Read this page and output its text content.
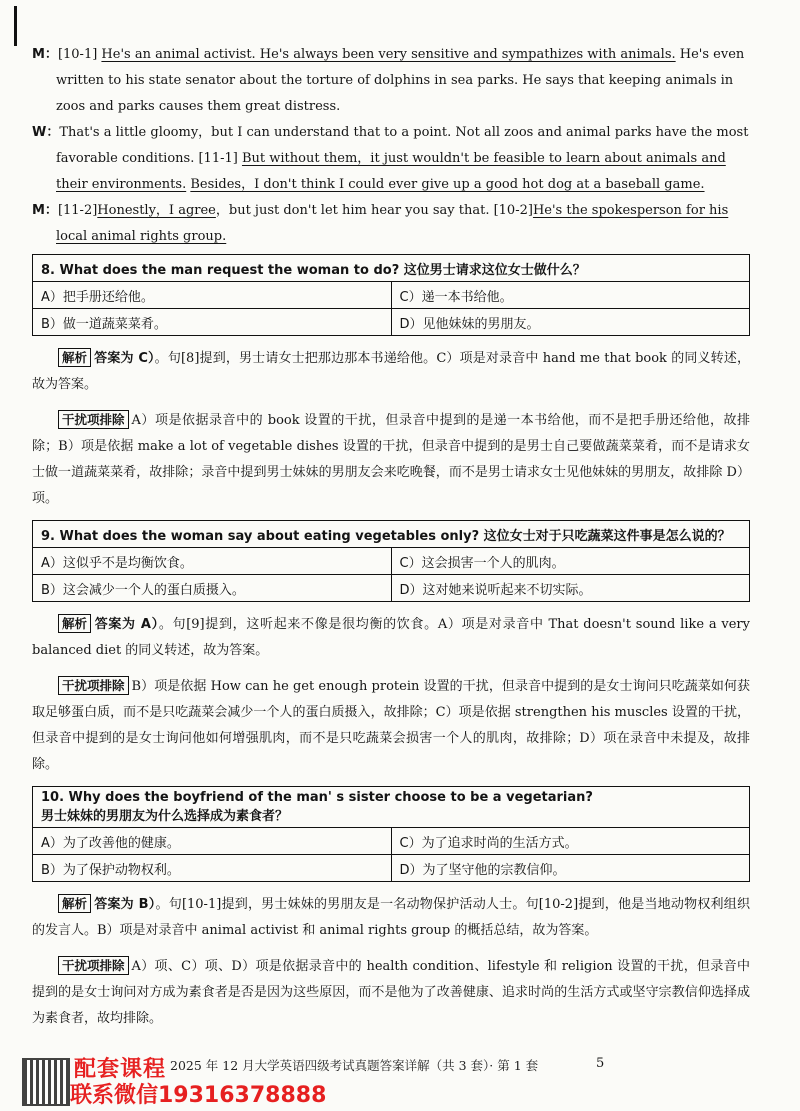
M：[10-1] He's an animal activist. He's always been very sensitive and sympathizes with animals. He's even written to his state senator about the torture of dolphins in sea parks. He says that keeping animals in zoos and parks causes them great distress.

W：That's a little gloomy，but I can understand that to a point. Not all zoos and animal parks have the most favorable conditions. [11-1] But without them，it just wouldn't be feasible to learn about animals and their environments. Besides，I don't think I could ever give up a good hot dog at a baseball game.

M：[11-2]Honestly，I agree，but just don't let him hear you say that. [10-2]He's the spokesperson for his local animal rights group.

8. What does the man request the woman to do? 这位男士请求这位女士做什么？	

A）把手册还给他。	C）递一本书给他。
B）做一道蔬菜菜肴。	D）见他妹妹的男朋友。

解析 答案为 C）。句[8]提到，男士请女士把那边那本书递给他。C）项是对录音中 hand me that book 的同义转述，故为答案。

干扰项排除 A）项是依据录音中的 book 设置的干扰，但录音中提到的是递一本书给他，而不是把手册还给他，故排除；B）项是依据 make a lot of vegetable dishes 设置的干扰，但录音中提到的是男士自己要做蔬菜菜肴，而不是请求女士做一道蔬菜菜肴，故排除；录音中提到男士妹妹的男朋友会来吃晚餐，而不是男士请求女士见他妹妹的男朋友，故排除 D）项。

9. What does the woman say about eating vegetables only? 这位女士对于只吃蔬菜这件事是怎么说的？	

A）这似乎不是均衡饮食。	C）这会损害一个人的肌肉。
B）这会减少一个人的蛋白质摄入。	D）这对她来说听起来不切实际。

解析 答案为 A）。句[9]提到，这听起来不像是很均衡的饮食。A）项是对录音中 That doesn't sound like a very balanced diet 的同义转述，故为答案。

干扰项排除 B）项是依据 How can he get enough protein 设置的干扰，但录音中提到的是女士询问只吃蔬菜如何获取足够蛋白质，而不是只吃蔬菜会减少一个人的蛋白质摄入，故排除；C）项是依据 strengthen his muscles 设置的干扰，但录音中提到的是女士询问他如何增强肌肉，而不是只吃蔬菜会损害一个人的肌肉，故排除；D）项在录音中未提及，故排除。

10. Why does the boyfriend of the man' s sister choose to be a vegetarian?
男士妹妹的男朋友为什么选择成为素食者？	

A）为了改善他的健康。	C）为了追求时尚的生活方式。
B）为了保护动物权利。	D）为了坚守他的宗教信仰。

解析 答案为 B）。句[10-1]提到，男士妹妹的男朋友是一名动物保护活动人士。句[10-2]提到，他是当地动物权利组织的发言人。B）项是对录音中 animal activist 和 animal rights group 的概括总结，故为答案。

干扰项排除 A）项、C）项、D）项是依据录音中的 health condition、lifestyle 和 religion 设置的干扰，但录音中提到的是女士询问对方成为素食者是否是因为这些原因，而不是他为了改善健康、追求时尚的生活方式或坚守宗教信仰选择成为素食者，故均排除。

配套课程
联系微信19316378888
2025 年 12 月大学英语四级考试真题答案详解（共 3 套）· 第 1 套	5
